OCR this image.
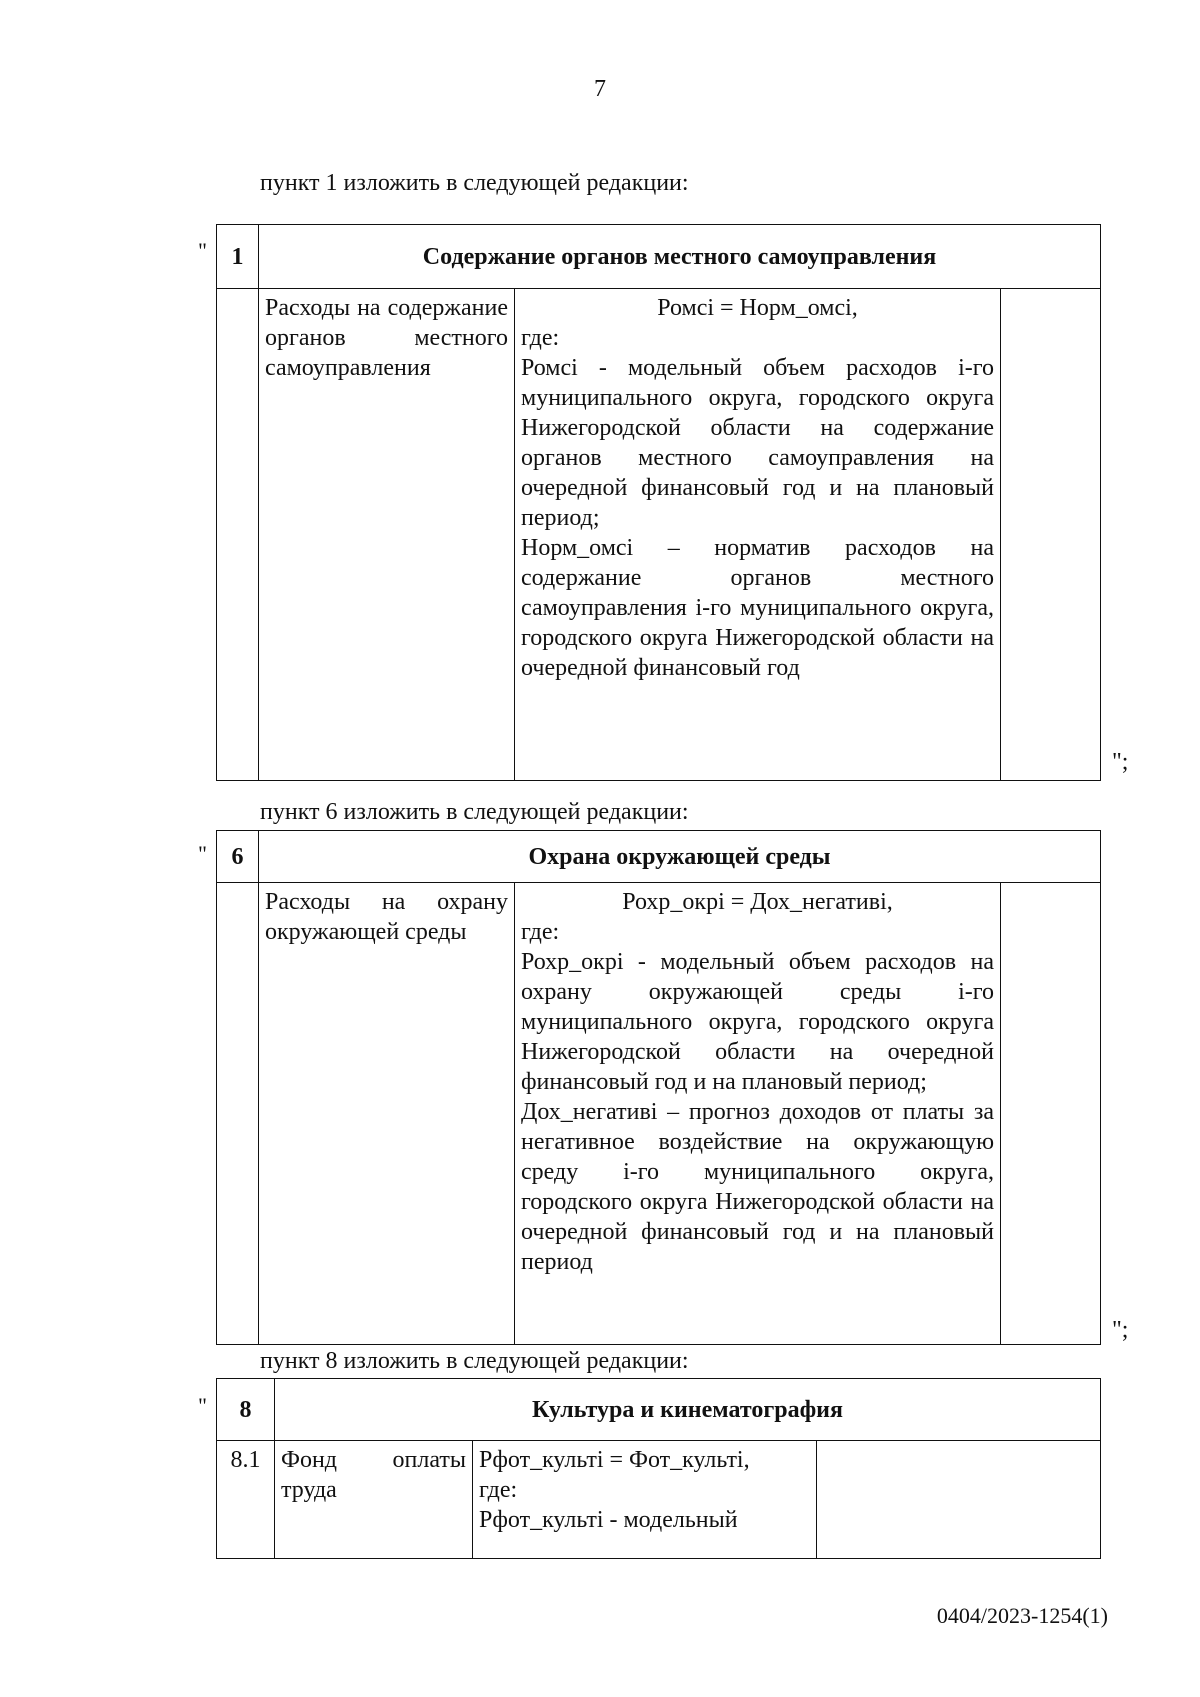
7
пункт 1 изложить в следующей редакции:
" 1	Содержание органов местного самоуправления		
	Расходы на содержание органов местного самоуправления	Ромсi = Норм_омсi,
где:
Ромсi - модельный объем расходов i-го муниципального округа, городского округа Нижегородской области на содержание органов местного самоуправления на очередной финансовый год и на плановый период;
Норм_омсi – норматив расходов на содержание органов местного самоуправления i-го муниципального округа, городского округа Нижегородской области на очередной финансовый год	

";
пункт 6 изложить в следующей редакции:
" 6	Охрана окружающей среды		
	Расходы на охрану окружающей среды	Рохр_окрi = Дох_негативi,
где:
Рохр_окрi - модельный объем расходов на охрану окружающей среды i-го муниципального округа, городского округа Нижегородской области на очередной финансовый год и на плановый период;
Дох_негативi – прогноз доходов от платы за негативное воздействие на окружающую среду i-го муниципального округа, городского округа Нижегородской области на очередной финансовый год и на плановый период	

";
пункт 8 изложить в следующей редакции:
" 8	Культура и кинематография		
8.1	Фонд оплаты труда	Рфот_культi = Фот_культi,
где:
Рфот_культi - модельный	

0404/2023-1254(1)
